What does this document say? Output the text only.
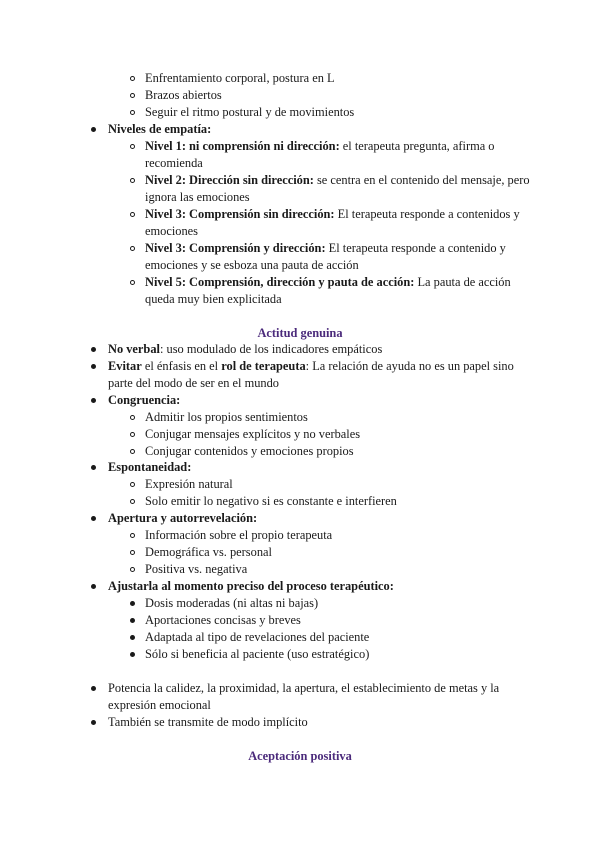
Enfrentamiento corporal, postura en L
Brazos abiertos
Seguir el ritmo postural y de movimientos
Niveles de empatía:
Nivel 1: ni comprensión ni dirección: el terapeuta pregunta, afirma o
recomienda
Nivel 2: Dirección sin dirección: se centra en el contenido del mensaje, pero
ignora las emociones
Nivel 3: Comprensión sin dirección: El terapeuta responde a contenidos y
emociones
Nivel 3: Comprensión y dirección: El terapeuta responde a contenido y
emociones y se esboza una pauta de acción
Nivel 5: Comprensión, dirección y pauta de acción: La pauta de acción
queda muy bien explicitada
Actitud genuina
No verbal: uso modulado de los indicadores empáticos
Evitar el énfasis en el rol de terapeuta: La relación de ayuda no es un papel sino
parte del modo de ser en el mundo
Congruencia:
Admitir los propios sentimientos
Conjugar mensajes explícitos y no verbales
Conjugar contenidos y emociones propios
Espontaneidad:
Expresión natural
Solo emitir lo negativo si es constante e interfieren
Apertura y autorrevelación:
Información sobre el propio terapeuta
Demográfica vs. personal
Positiva vs. negativa
Ajustarla al momento preciso del proceso terapéutico:
Dosis moderadas (ni altas ni bajas)
Aportaciones concisas y breves
Adaptada al tipo de revelaciones del paciente
Sólo si beneficia al paciente (uso estratégico)
Potencia la calidez, la proximidad, la apertura, el establecimiento de metas y la
expresión emocional
También se transmite de modo implícito
Aceptación positiva
